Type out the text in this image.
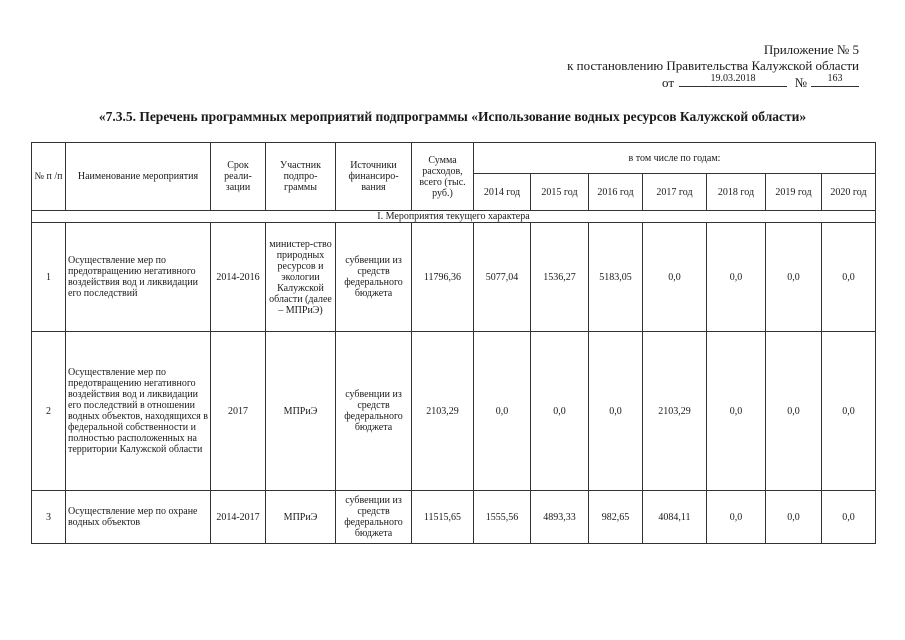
Приложение № 5
к постановлению Правительства Калужской области
от	19.03.2018	№	163
«7.3.5. Перечень программных мероприятий подпрограммы «Использование водных ресурсов Калужской области»
№ п /п	Наименование мероприятия	Срок реали-зации	Участник подпро-граммы	Источники финансиро-вания	Сумма расходов, всего (тыс. руб.)	в том числе по годам:						
						2014 год	2015 год	2016 год	2017 год	2018 год	2019 год	2020 год
I. Мероприятия текущего характера												
1	Осуществление мер по предотвращению негативного воздействия вод и ликвидации его последствий	2014-2016	министер-ство природных ресурсов и экологии Калужской области (далее – МПРиЭ)	субвенции из средств федерального бюджета	11796,36	5077,04	1536,27	5183,05	0,0	0,0	0,0	0,0
2	Осуществление мер по предотвращению негативного воздействия вод и ликвидации его последствий в отношении водных объектов, находящихся в федеральной собственности и полностью расположенных на территории Калужской области	2017	МПРиЭ	субвенции из средств федерального бюджета	2103,29	0,0	0,0	0,0	2103,29	0,0	0,0	0,0
3	Осуществление мер по охране водных объектов	2014-2017	МПРиЭ	субвенции из средств федерального бюджета	11515,65	1555,56	4893,33	982,65	4084,11	0,0	0,0	0,0
